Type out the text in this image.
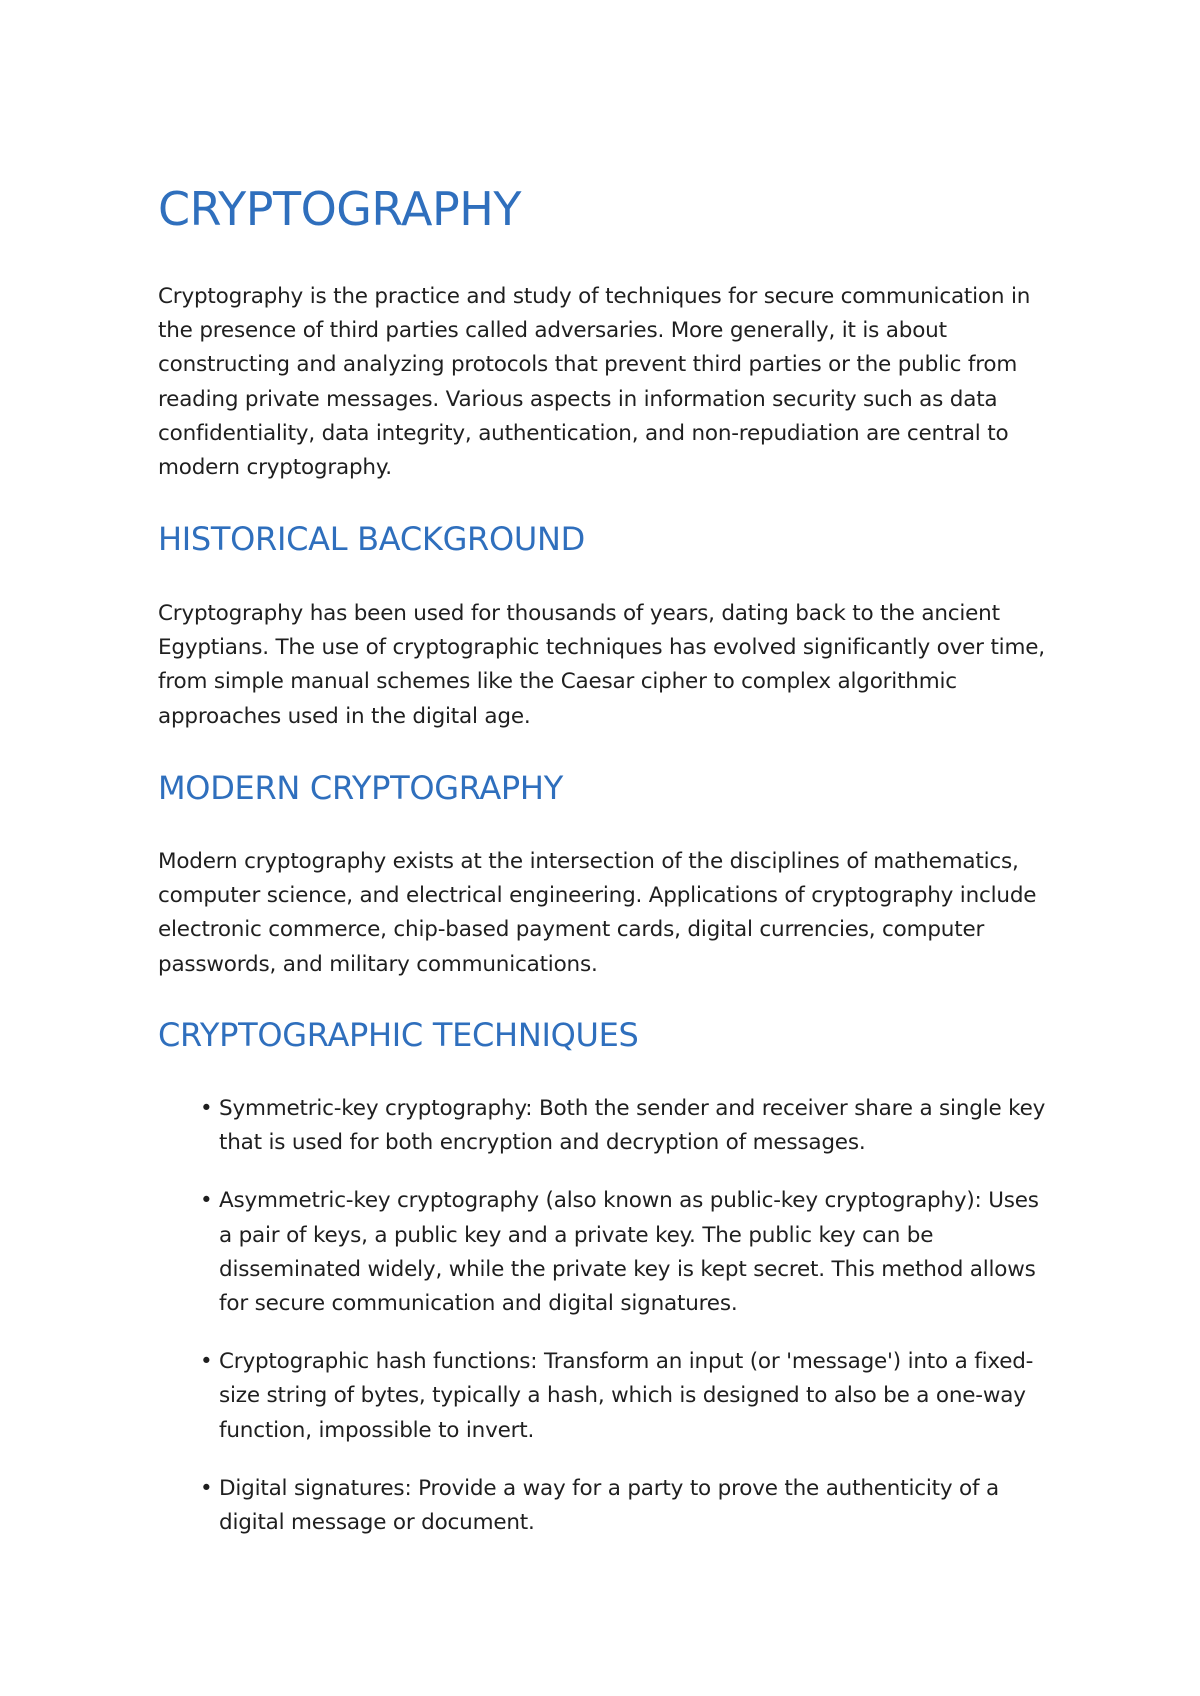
CRYPTOGRAPHY

Cryptography is the practice and study of techniques for secure communication in the presence of third parties called adversaries. More generally, it is about constructing and analyzing protocols that prevent third parties or the public from reading private messages. Various aspects in information security such as data confidentiality, data integrity, authentication, and non-repudiation are central to modern cryptography.

HISTORICAL BACKGROUND

Cryptography has been used for thousands of years, dating back to the ancient Egyptians. The use of cryptographic techniques has evolved significantly over time, from simple manual schemes like the Caesar cipher to complex algorithmic approaches used in the digital age.

MODERN CRYPTOGRAPHY

Modern cryptography exists at the intersection of the disciplines of mathematics, computer science, and electrical engineering. Applications of cryptography include electronic commerce, chip-based payment cards, digital currencies, computer passwords, and military communications.

CRYPTOGRAPHIC TECHNIQUES
• Symmetric-key cryptography: Both the sender and receiver share a single key that is used for both encryption and decryption of messages.
• Asymmetric-key cryptography (also known as public-key cryptography): Uses a pair of keys, a public key and a private key. The public key can be disseminated widely, while the private key is kept secret. This method allows for secure communication and digital signatures.
• Cryptographic hash functions: Transform an input (or 'message') into a fixed-size string of bytes, typically a hash, which is designed to also be a one-way function, impossible to invert.
• Digital signatures: Provide a way for a party to prove the authenticity of a digital message or document.
